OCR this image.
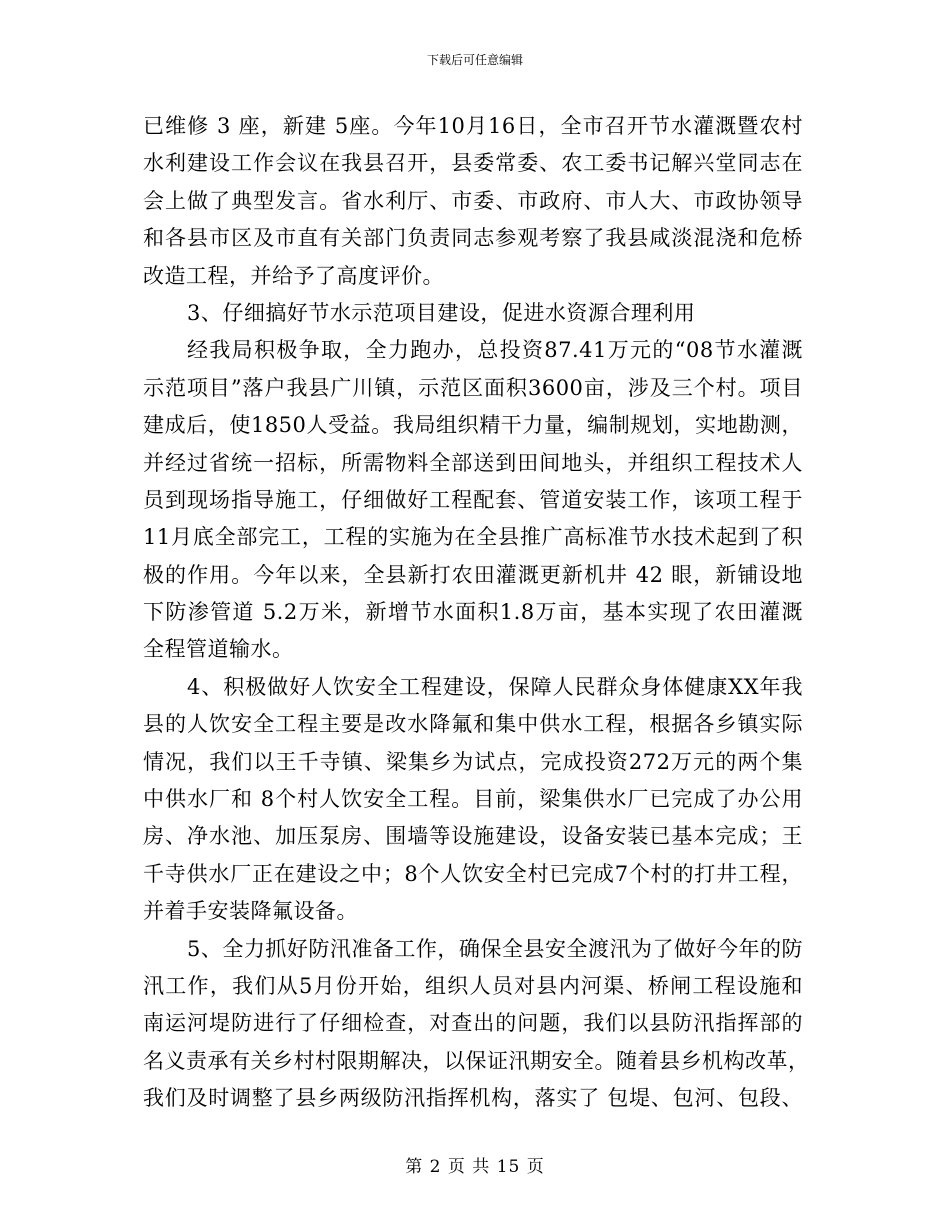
下载后可任意编辑
已维修 3 座，新建 5座。今年10月16日，全市召开节水灌溉暨农村
水利建设工作会议在我县召开，县委常委、农工委书记解兴堂同志在
会上做了典型发言。省水利厅、市委、市政府、市人大、市政协领导
和各县市区及市直有关部门负责同志参观考察了我县咸淡混浇和危桥
改造工程，并给予了高度评价。
3、仔细搞好节水示范项目建设，促进水资源合理利用
经我局积极争取，全力跑办，总投资87.41万元的“08节水灌溉
示范项目”落户我县广川镇，示范区面积3600亩，涉及三个村。项目
建成后，使1850人受益。我局组织精干力量，编制规划，实地勘测，
并经过省统一招标，所需物料全部送到田间地头，并组织工程技术人
员到现场指导施工，仔细做好工程配套、管道安装工作，该项工程于
11月底全部完工，工程的实施为在全县推广高标准节水技术起到了积
极的作用。今年以来，全县新打农田灌溉更新机井 42 眼，新铺设地
下防渗管道 5.2万米，新增节水面积1.8万亩，基本实现了农田灌溉
全程管道输水。
4、积极做好人饮安全工程建设，保障人民群众身体健康XX年我
县的人饮安全工程主要是改水降氟和集中供水工程，根据各乡镇实际
情况，我们以王千寺镇、梁集乡为试点，完成投资272万元的两个集
中供水厂和 8个村人饮安全工程。目前，梁集供水厂已完成了办公用
房、净水池、加压泵房、围墙等设施建设，设备安装已基本完成；王
千寺供水厂正在建设之中；8个人饮安全村已完成7个村的打井工程，
并着手安装降氟设备。
5、全力抓好防汛准备工作，确保全县安全渡汛为了做好今年的防
汛工作，我们从5月份开始，组织人员对县内河渠、桥闸工程设施和
南运河堤防进行了仔细检查，对查出的问题，我们以县防汛指挥部的
名义责承有关乡村村限期解决，以保证汛期安全。随着县乡机构改革，
我们及时调整了县乡两级防汛指挥机构，落实了 包堤、包河、包段、
第 2 页 共 15 页
